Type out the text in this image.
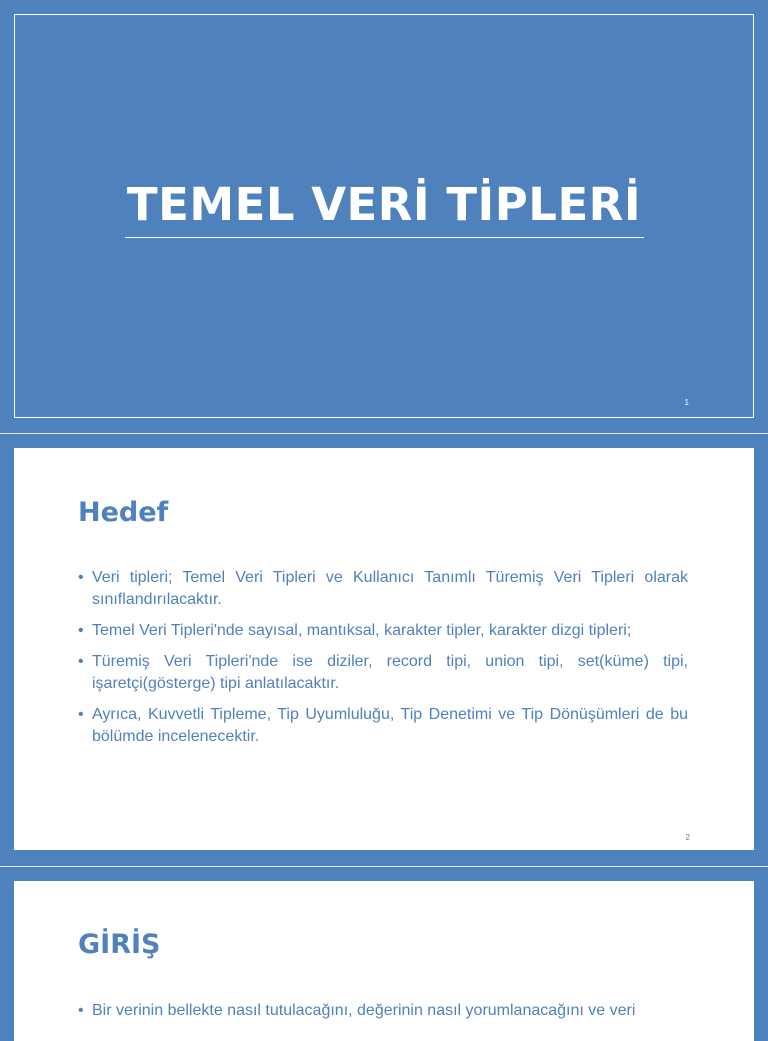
TEMEL VERİ TİPLERİ
1
Hedef
• Veri tipleri; Temel Veri Tipleri ve Kullanıcı Tanımlı Türemiş Veri Tipleri olarak sınıflandırılacaktır.
• Temel Veri Tipleri'nde sayısal, mantıksal, karakter tipler, karakter dizgi tipleri;
• Türemiş Veri Tipleri'nde ise diziler, record tipi, union tipi, set(küme) tipi, işaretçi(gösterge) tipi anlatılacaktır.
• Ayrıca, Kuvvetli Tipleme, Tip Uyumluluğu, Tip Denetimi ve Tip Dönüşümleri de bu bölümde incelenecektir.
2
GİRİŞ
• Bir verinin bellekte nasıl tutulacağını, değerinin nasıl yorumlanacağını ve veri
